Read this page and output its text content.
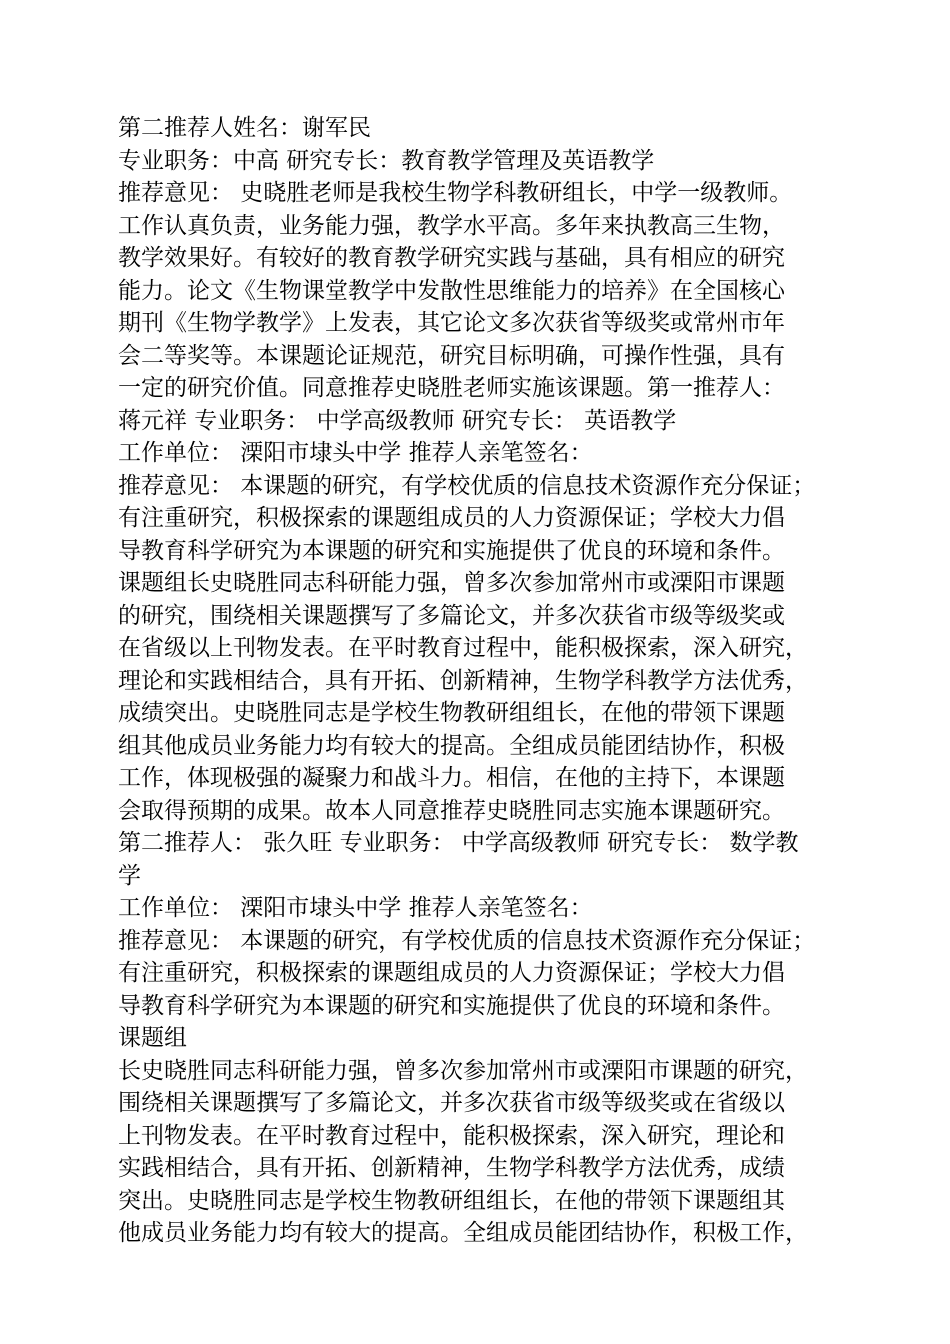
第二推荐人姓名：谢军民
专业职务：中高 研究专长：教育教学管理及英语教学
推荐意见： 史晓胜老师是我校生物学科教研组长，中学一级教师。
工作认真负责，业务能力强，教学水平高。多年来执教高三生物，
教学效果好。有较好的教育教学研究实践与基础，具有相应的研究
能力。论文《生物课堂教学中发散性思维能力的培养》在全国核心
期刊《生物学教学》上发表，其它论文多次获省等级奖或常州市年
会二等奖等。本课题论证规范，研究目标明确，可操作性强，具有
一定的研究价值。同意推荐史晓胜老师实施该课题。第一推荐人：
蒋元祥 专业职务： 中学高级教师 研究专长： 英语教学
工作单位： 溧阳市埭头中学 推荐人亲笔签名：
推荐意见： 本课题的研究，有学校优质的信息技术资源作充分保证；
有注重研究，积极探索的课题组成员的人力资源保证；学校大力倡
导教育科学研究为本课题的研究和实施提供了优良的环境和条件。
课题组长史晓胜同志科研能力强，曾多次参加常州市或溧阳市课题
的研究，围绕相关课题撰写了多篇论文，并多次获省市级等级奖或
在省级以上刊物发表。在平时教育过程中，能积极探索，深入研究，
理论和实践相结合，具有开拓、创新精神，生物学科教学方法优秀，
成绩突出。史晓胜同志是学校生物教研组组长，在他的带领下课题
组其他成员业务能力均有较大的提高。全组成员能团结协作，积极
工作，体现极强的凝聚力和战斗力。相信，在他的主持下，本课题
会取得预期的成果。故本人同意推荐史晓胜同志实施本课题研究。
第二推荐人： 张久旺 专业职务： 中学高级教师 研究专长： 数学教
学
工作单位： 溧阳市埭头中学 推荐人亲笔签名：
推荐意见： 本课题的研究，有学校优质的信息技术资源作充分保证；
有注重研究，积极探索的课题组成员的人力资源保证；学校大力倡
导教育科学研究为本课题的研究和实施提供了优良的环境和条件。
课题组
长史晓胜同志科研能力强，曾多次参加常州市或溧阳市课题的研究，
围绕相关课题撰写了多篇论文，并多次获省市级等级奖或在省级以
上刊物发表。在平时教育过程中，能积极探索，深入研究，理论和
实践相结合，具有开拓、创新精神，生物学科教学方法优秀，成绩
突出。史晓胜同志是学校生物教研组组长，在他的带领下课题组其
他成员业务能力均有较大的提高。全组成员能团结协作，积极工作，
